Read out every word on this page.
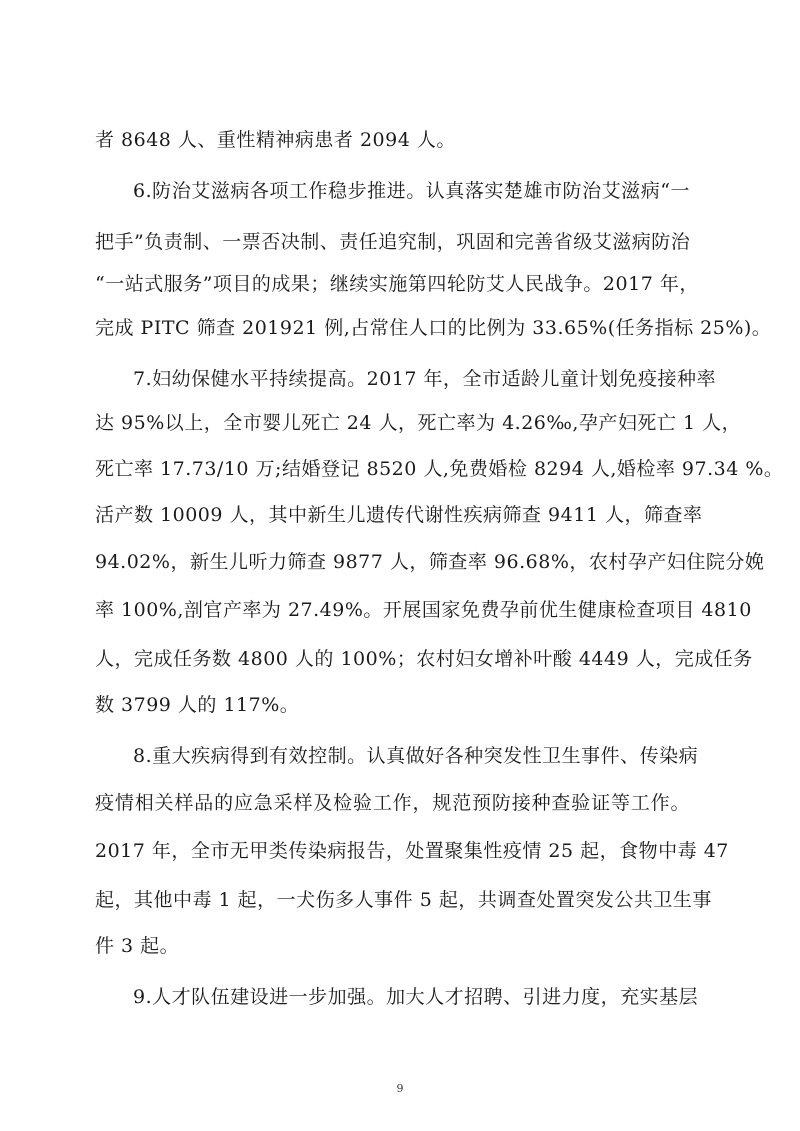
者 8648 人、重性精神病患者 2094 人。
6.防治艾滋病各项工作稳步推进。认真落实楚雄市防治艾滋病“一
把手”负责制、一票否决制、责任追究制，巩固和完善省级艾滋病防治
“一站式服务”项目的成果；继续实施第四轮防艾人民战争。2017 年，
完成 PITC 筛查 201921 例,占常住人口的比例为 33.65%(任务指标 25%)。
7.妇幼保健水平持续提高。2017 年，全市适龄儿童计划免疫接种率
达 95%以上，全市婴儿死亡 24 人，死亡率为 4.26‰,孕产妇死亡 1 人，
死亡率 17.73/10 万;结婚登记 8520 人,免费婚检 8294 人,婚检率 97.34 %。
活产数 10009 人，其中新生儿遗传代谢性疾病筛查 9411 人，筛查率
94.02%，新生儿听力筛查 9877 人，筛查率 96.68%，农村孕产妇住院分娩
率 100%,剖官产率为 27.49%。开展国家免费孕前优生健康检查项目 4810
人，完成任务数 4800 人的 100%；农村妇女增补叶酸 4449 人，完成任务
数 3799 人的 117%。
8.重大疾病得到有效控制。认真做好各种突发性卫生事件、传染病
疫情相关样品的应急采样及检验工作，规范预防接种查验证等工作。
2017 年，全市无甲类传染病报告，处置聚集性疫情 25 起，食物中毒 47
起，其他中毒 1 起，一犬伤多人事件 5 起，共调查处置突发公共卫生事
件 3 起。
9.人才队伍建设进一步加强。加大人才招聘、引进力度，充实基层
9
